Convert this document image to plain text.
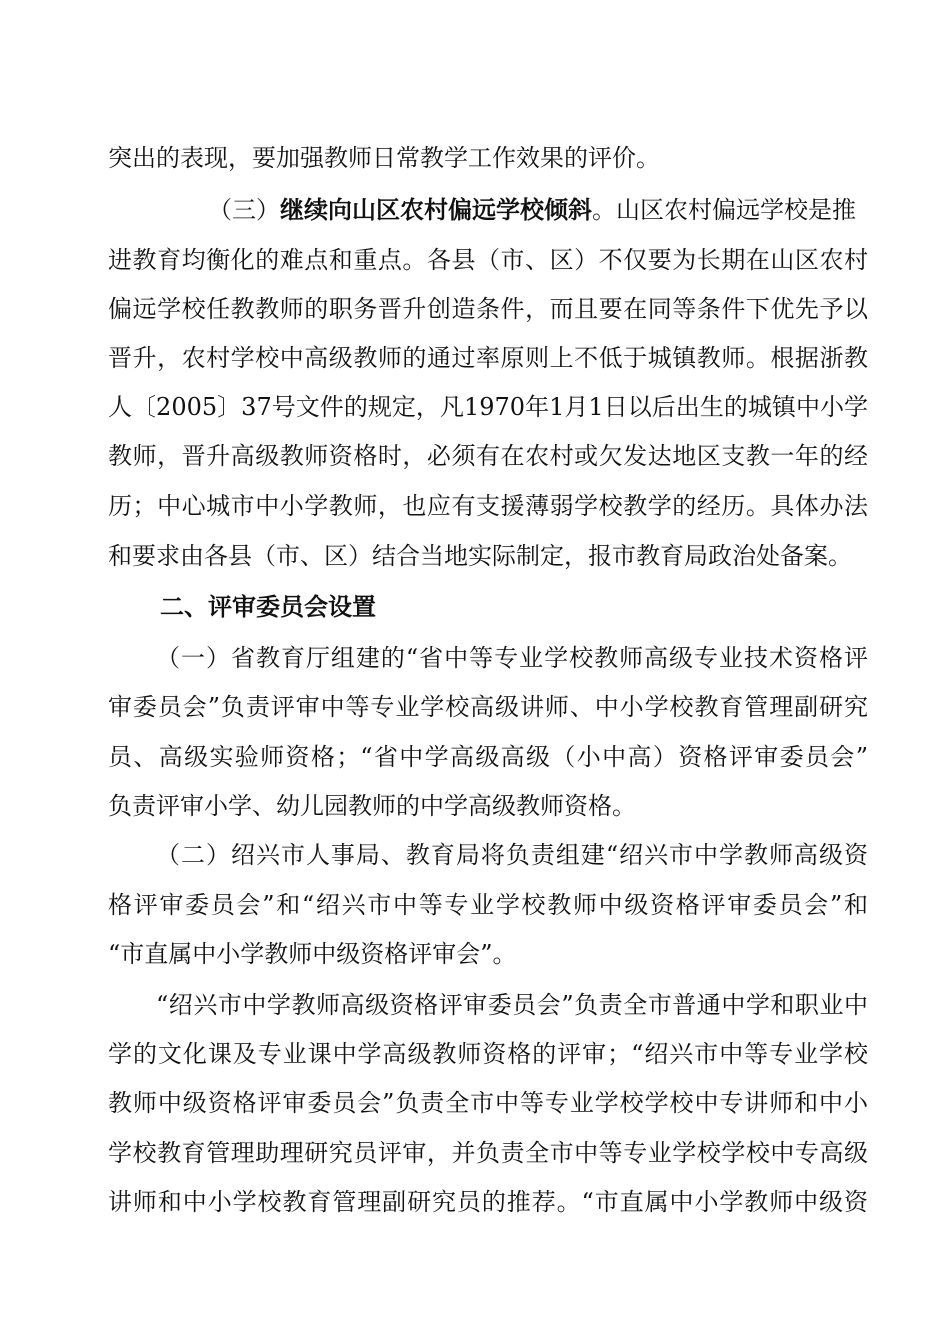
突出的表现，要加强教师日常教学工作效果的评价。
（三）继续向山区农村偏远学校倾斜。山区农村偏远学校是推
进教育均衡化的难点和重点。各县（市、区）不仅要为长期在山区农村
偏远学校任教教师的职务晋升创造条件，而且要在同等条件下优先予以
晋升，农村学校中高级教师的通过率原则上不低于城镇教师。根据浙教
人〔2005〕37号文件的规定，凡1970年1月1日以后出生的城镇中小学
教师，晋升高级教师资格时，必须有在农村或欠发达地区支教一年的经
历；中心城市中小学教师，也应有支援薄弱学校教学的经历。具体办法
和要求由各县（市、区）结合当地实际制定，报市教育局政治处备案。
二、评审委员会设置
（一）省教育厅组建的“省中等专业学校教师高级专业技术资格评
审委员会”负责评审中等专业学校高级讲师、中小学校教育管理副研究
员、高级实验师资格；“省中学高级高级（小中高）资格评审委员会”
负责评审小学、幼儿园教师的中学高级教师资格。
（二）绍兴市人事局、教育局将负责组建“绍兴市中学教师高级资
格评审委员会”和“绍兴市中等专业学校教师中级资格评审委员会”和
“市直属中小学教师中级资格评审会”。
“绍兴市中学教师高级资格评审委员会”负责全市普通中学和职业中
学的文化课及专业课中学高级教师资格的评审；“绍兴市中等专业学校
教师中级资格评审委员会”负责全市中等专业学校学校中专讲师和中小
学校教育管理助理研究员评审，并负责全市中等专业学校学校中专高级
讲师和中小学校教育管理副研究员的推荐。“市直属中小学教师中级资
